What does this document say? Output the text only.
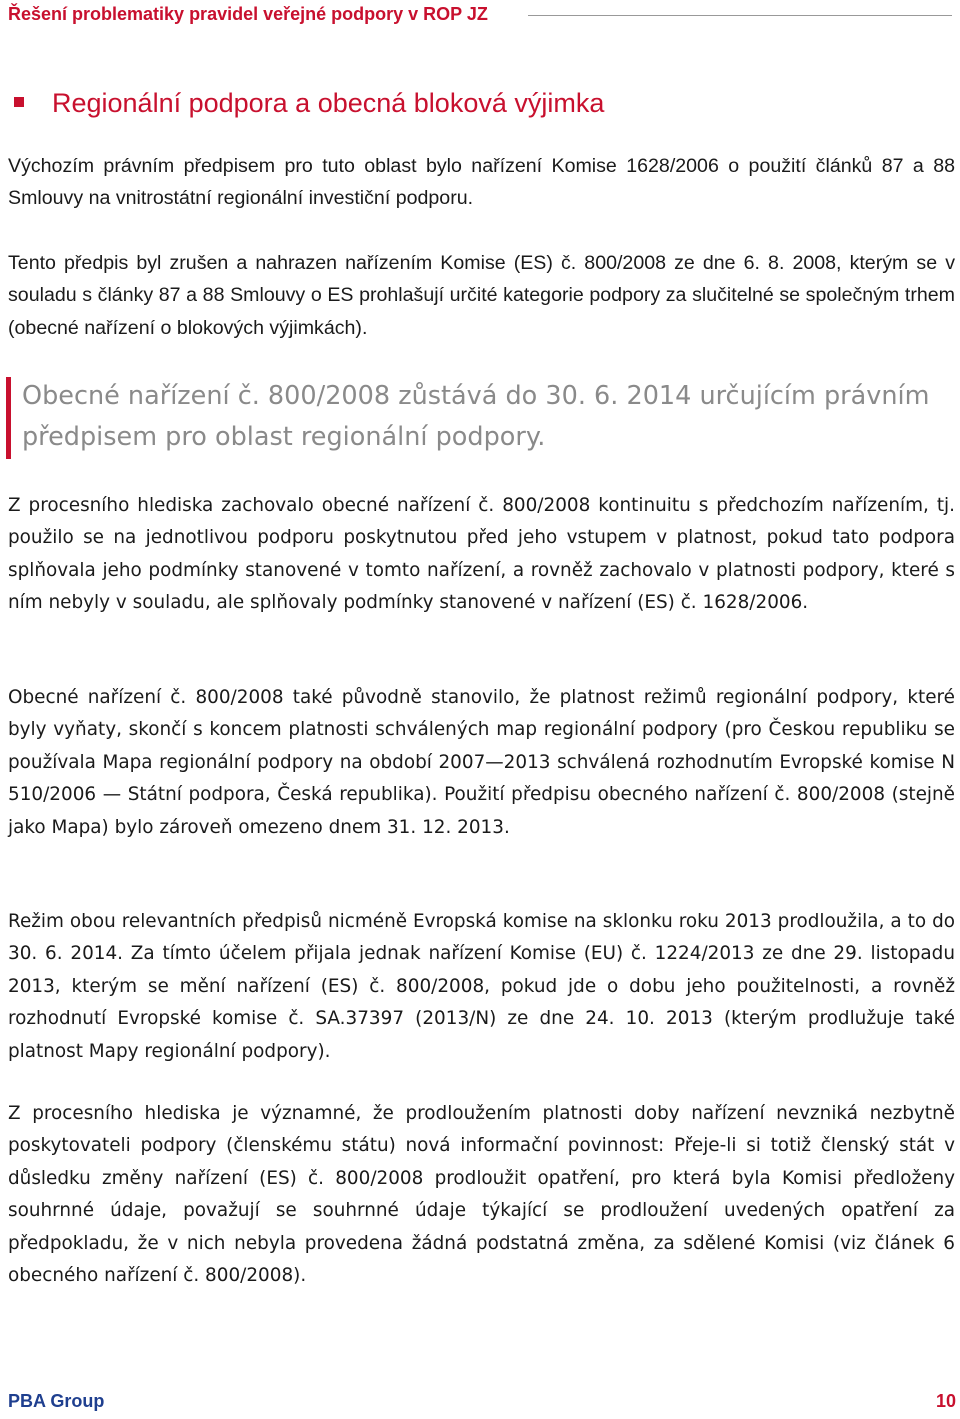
Řešení problematiky pravidel veřejné podpory v ROP JZ
Regionální podpora a obecná bloková výjimka

Výchozím právním předpisem pro tuto oblast bylo nařízení Komise 1628/2006 o použití článků 87 a 88 Smlouvy na vnitrostátní regionální investiční podporu.

Tento předpis byl zrušen a nahrazen nařízením Komise (ES) č. 800/2008 ze dne 6. 8. 2008, kterým se v souladu s články 87 a 88 Smlouvy o ES prohlašují určité kategorie podpory za slučitelné se společným trhem (obecné nařízení o blokových výjimkách).

Obecné nařízení č. 800/2008 zůstává do 30. 6. 2014 určujícím právním předpisem pro oblast regionální podpory.

Z procesního hlediska zachovalo obecné nařízení č. 800/2008 kontinuitu s předchozím nařízením, tj. použilo se na jednotlivou podporu poskytnutou před jeho vstupem v platnost, pokud tato podpora splňovala jeho podmínky stanovené v tomto nařízení, a rovněž zachovalo v platnosti podpory, které s ním nebyly v souladu, ale splňovaly podmínky stanovené v nařízení (ES) č. 1628/2006.

Obecné nařízení č. 800/2008 také původně stanovilo, že platnost režimů regionální podpory, které byly vyňaty, skončí s koncem platnosti schválených map regionální podpory (pro Českou republiku se používala Mapa regionální podpory na období 2007—2013 schválená rozhodnutím Evropské komise N 510/2006 — Státní podpora, Česká republika). Použití předpisu obecného nařízení č. 800/2008 (stejně jako Mapa) bylo zároveň omezeno dnem 31. 12. 2013.

Režim obou relevantních předpisů nicméně Evropská komise na sklonku roku 2013 prodloužila, a to do 30. 6. 2014. Za tímto účelem přijala jednak nařízení Komise (EU) č. 1224/2013 ze dne 29. listopadu 2013, kterým se mění nařízení (ES) č. 800/2008, pokud jde o dobu jeho použitelnosti, a rovněž rozhodnutí Evropské komise č. SA.37397 (2013/N) ze dne 24. 10. 2013 (kterým prodlužuje také platnost Mapy regionální podpory).

Z procesního hlediska je významné, že prodloužením platnosti doby nařízení nevzniká nezbytně poskytovateli podpory (členskému státu) nová informační povinnost: Přeje-li si totiž členský stát v důsledku změny nařízení (ES) č. 800/2008 prodloužit opatření, pro která byla Komisi předloženy souhrnné údaje, považují se souhrnné údaje týkající se prodloužení uvedených opatření za předpokladu, že v nich nebyla provedena žádná podstatná změna, za sdělené Komisi (viz článek 6 obecného nařízení č. 800/2008).

PBA Group	10
